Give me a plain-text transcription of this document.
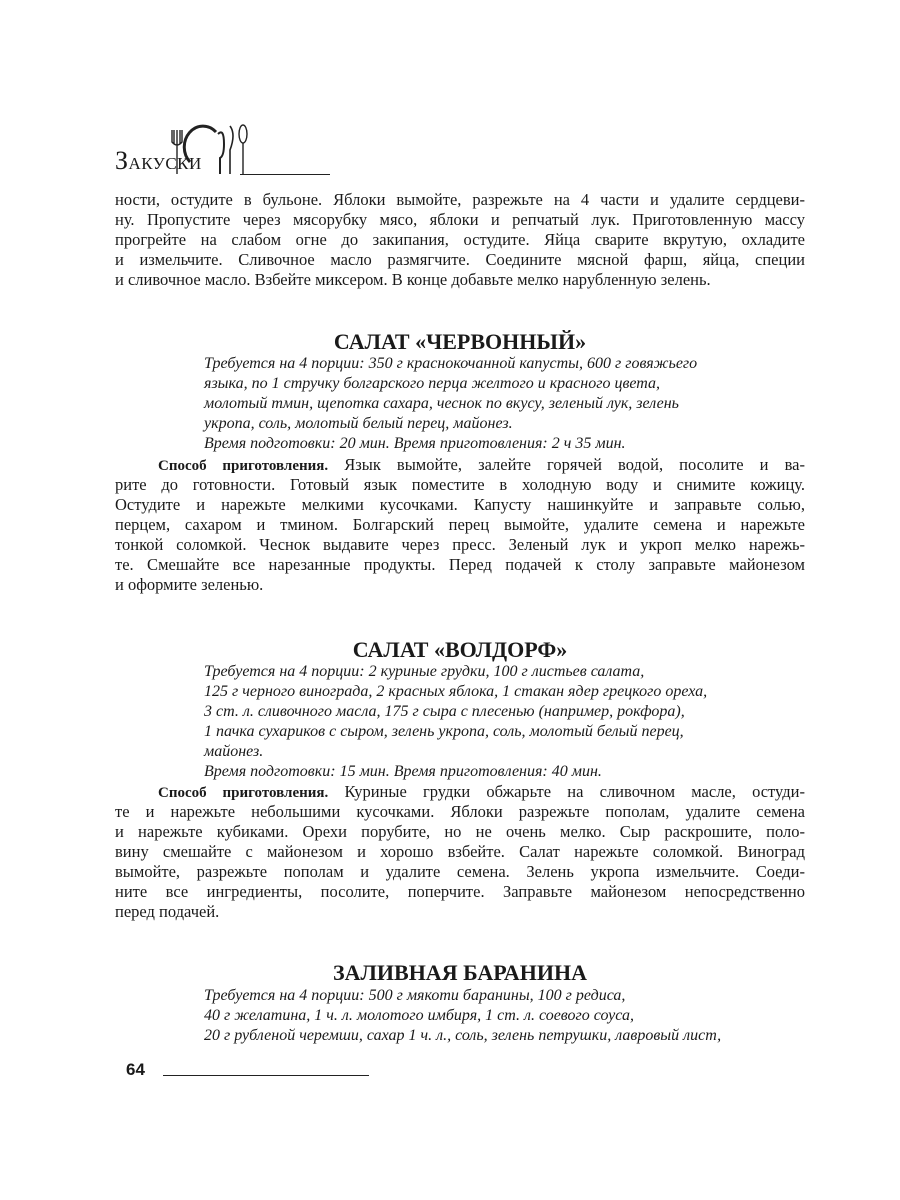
ЗАКУСКИ
ности, остудите в бульоне. Яблоки вымойте, разрежьте на 4 части и удалите сердцеви-
ну. Пропустите через мясорубку мясо, яблоки и репчатый лук. Приготовленную массу
прогрейте на слабом огне до закипания, остудите. Яйца сварите вкрутую, охладите
и измельчите. Сливочное масло размягчите. Соедините мясной фарш, яйца, специи
и сливочное масло. Взбейте миксером. В конце добавьте мелко нарубленную зелень.
САЛАТ «ЧЕРВОННЫЙ»
Требуется на 4 порции: 350 г краснокочанной капусты, 600 г говяжьего
языка, по 1 стручку болгарского перца желтого и красного цвета,
молотый тмин, щепотка сахара, чеснок по вкусу, зеленый лук, зелень
укропа, соль, молотый белый перец, майонез.
Время подготовки: 20 мин. Время приготовления: 2 ч 35 мин.
Способ приготовления. Язык вымойте, залейте горячей водой, посолите и ва-
рите до готовности. Готовый язык поместите в холодную воду и снимите кожицу.
Остудите и нарежьте мелкими кусочками. Капусту нашинкуйте и заправьте солью,
перцем, сахаром и тмином. Болгарский перец вымойте, удалите семена и нарежьте
тонкой соломкой. Чеснок выдавите через пресс. Зеленый лук и укроп мелко нарежь-
те. Смешайте все нарезанные продукты. Перед подачей к столу заправьте майонезом
и оформите зеленью.
САЛАТ «ВОЛДОРФ»
Требуется на 4 порции: 2 куриные грудки, 100 г листьев салата,
125 г черного винограда, 2 красных яблока, 1 стакан ядер грецкого ореха,
3 ст. л. сливочного масла, 175 г сыра с плесенью (например, рокфора),
1 пачка сухариков с сыром, зелень укропа, соль, молотый белый перец,
майонез.
Время подготовки: 15 мин. Время приготовления: 40 мин.
Способ приготовления. Куриные грудки обжарьте на сливочном масле, остуди-
те и нарежьте небольшими кусочками. Яблоки разрежьте пополам, удалите семена
и нарежьте кубиками. Орехи порубите, но не очень мелко. Сыр раскрошите, поло-
вину смешайте с майонезом и хорошо взбейте. Салат нарежьте соломкой. Виноград
вымойте, разрежьте пополам и удалите семена. Зелень укропа измельчите. Соеди-
ните все ингредиенты, посолите, поперчите. Заправьте майонезом непосредственно
перед подачей.
ЗАЛИВНАЯ БАРАНИНА
Требуется на 4 порции: 500 г мякоти баранины, 100 г редиса,
40 г желатина, 1 ч. л. молотого имбиря, 1 ст. л. соевого соуса,
20 г рубленой черемши, сахар 1 ч. л., соль, зелень петрушки, лавровый лист,
64
